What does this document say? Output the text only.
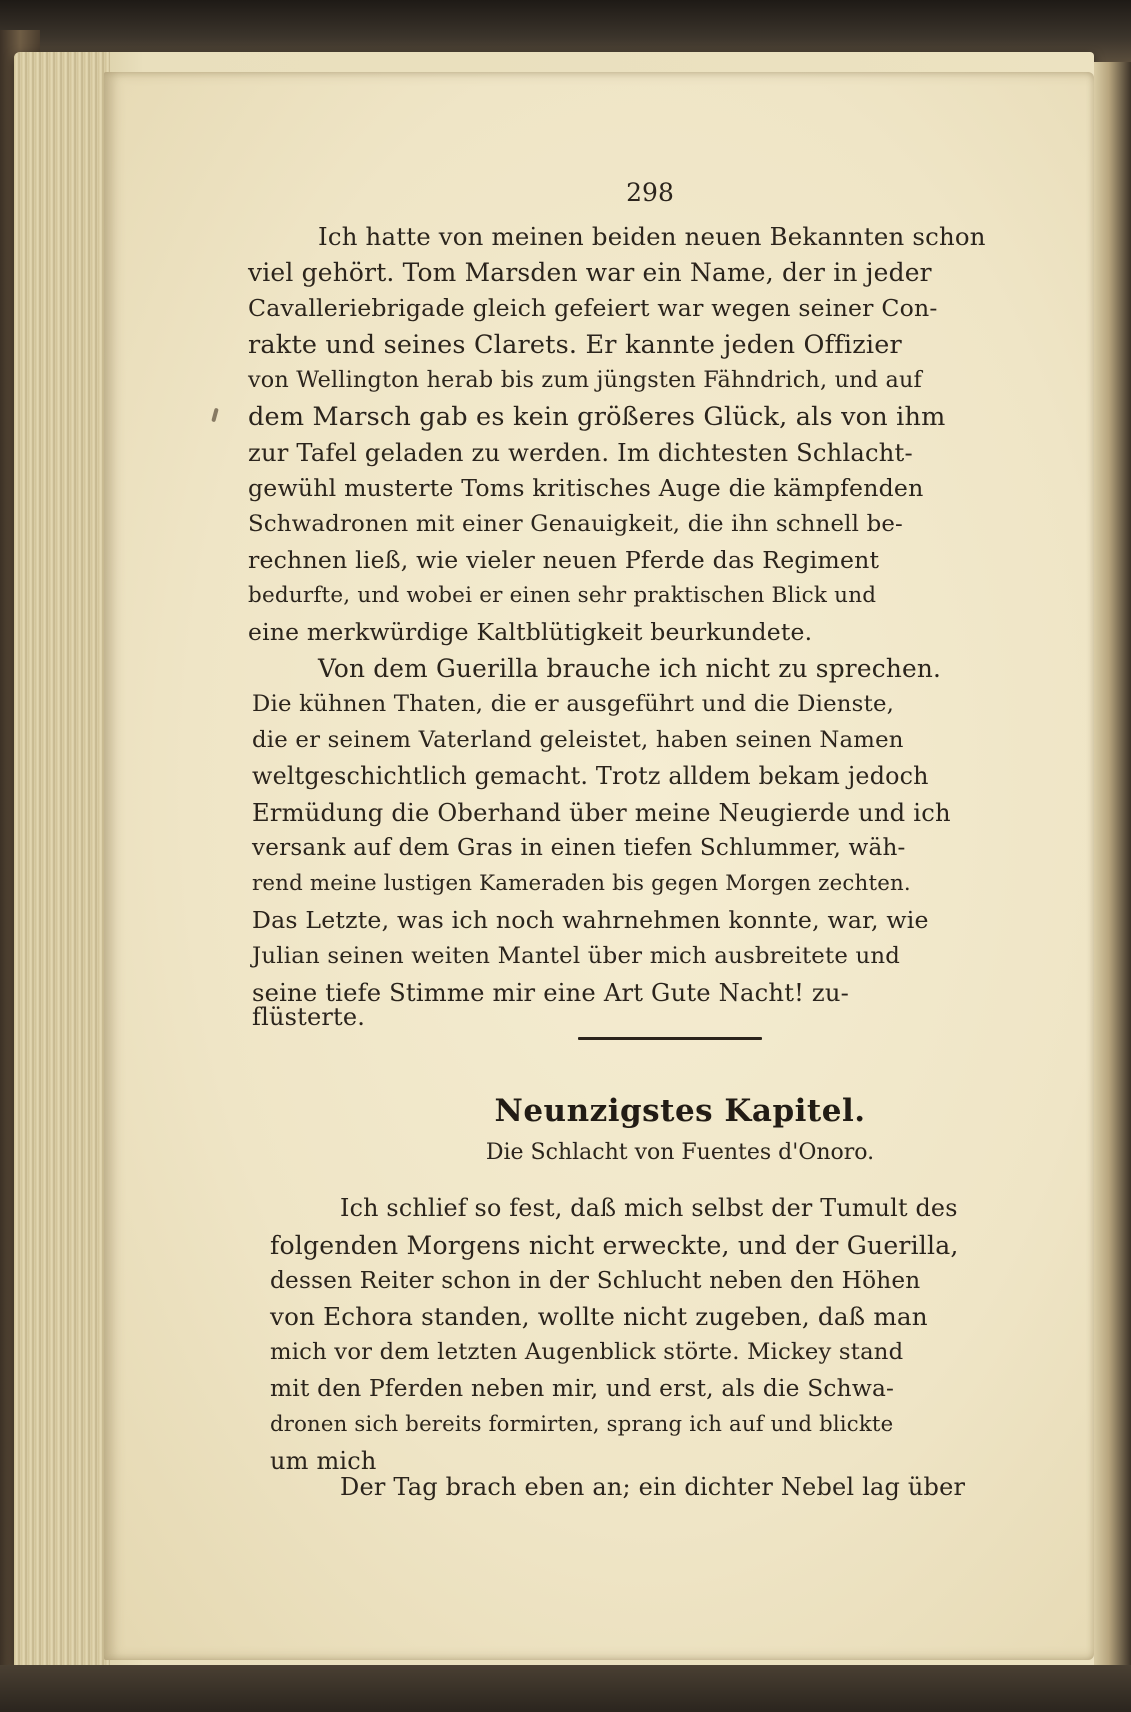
298
Ich hatte von meinen beiden neuen Bekannten schon
viel gehört. Tom Marsden war ein Name, der in jeder
Cavalleriebrigade gleich gefeiert war wegen seiner Con-
rakte und seines Clarets. Er kannte jeden Offizier
von Wellington herab bis zum jüngsten Fähndrich, und auf
dem Marsch gab es kein größeres Glück, als von ihm
zur Tafel geladen zu werden. Im dichtesten Schlacht-
gewühl musterte Toms kritisches Auge die kämpfenden
Schwadronen mit einer Genauigkeit, die ihn schnell be-
rechnen ließ, wie vieler neuen Pferde das Regiment
bedurfte, und wobei er einen sehr praktischen Blick und
eine merkwürdige Kaltblütigkeit beurkundete.
Von dem Guerilla brauche ich nicht zu sprechen.
Die kühnen Thaten, die er ausgeführt und die Dienste,
die er seinem Vaterland geleistet, haben seinen Namen
weltgeschichtlich gemacht. Trotz alldem bekam jedoch
Ermüdung die Oberhand über meine Neugierde und ich
versank auf dem Gras in einen tiefen Schlummer, wäh-
rend meine lustigen Kameraden bis gegen Morgen zechten.
Das Letzte, was ich noch wahrnehmen konnte, war, wie
Julian seinen weiten Mantel über mich ausbreitete und
seine tiefe Stimme mir eine Art Gute Nacht! zu-
flüsterte.
Neunzigstes Kapitel.
Die Schlacht von Fuentes d'Onoro.
Ich schlief so fest, daß mich selbst der Tumult des
folgenden Morgens nicht erweckte, und der Guerilla,
dessen Reiter schon in der Schlucht neben den Höhen
von Echora standen, wollte nicht zugeben, daß man
mich vor dem letzten Augenblick störte. Mickey stand
mit den Pferden neben mir, und erst, als die Schwa-
dronen sich bereits formirten, sprang ich auf und blickte
um mich
Der Tag brach eben an; ein dichter Nebel lag über
